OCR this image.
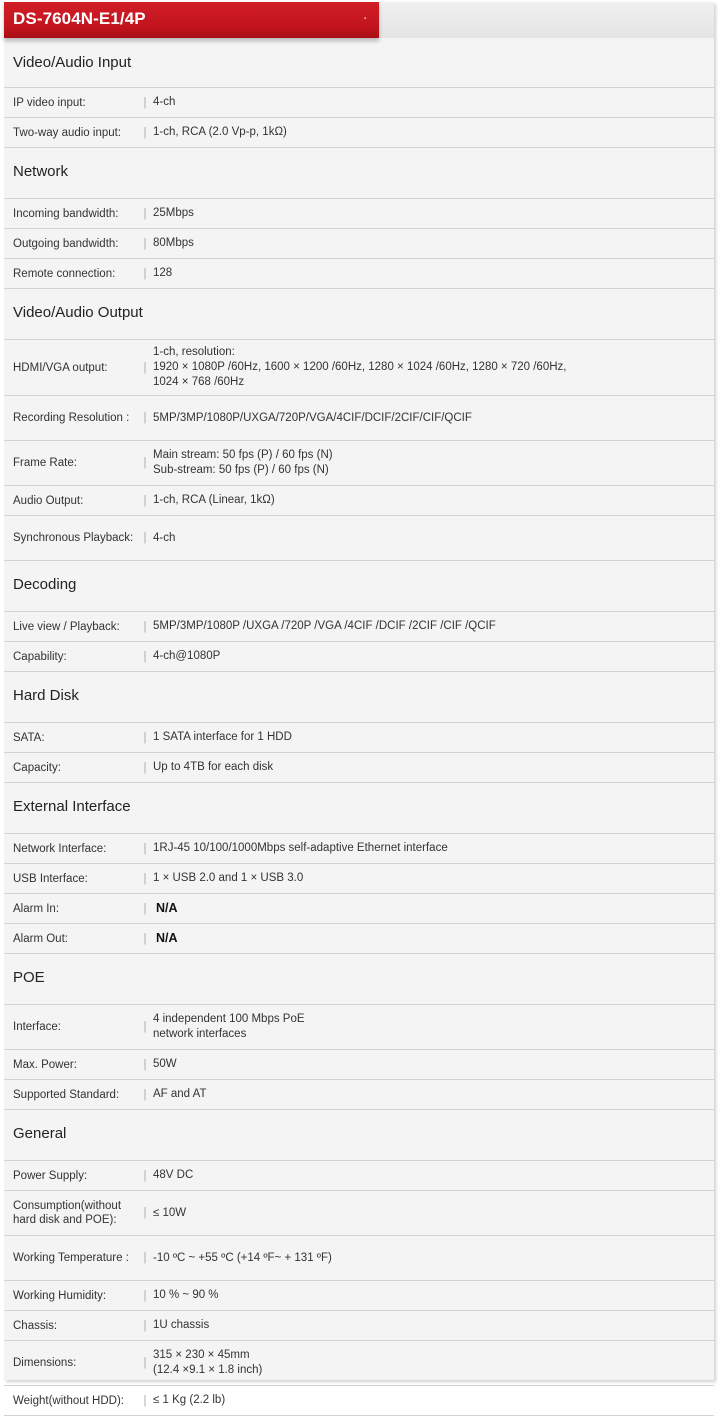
DS-7604N-E1/4P	▪
Video/Audio Input
IP video input:	| 4-ch
Two-way audio input:	| 1-ch, RCA (2.0 Vp-p, 1kΩ)
Network
Incoming bandwidth:	| 25Mbps
Outgoing bandwidth:	| 80Mbps
Remote connection:	| 128
Video/Audio Output
HDMI/VGA output:	|
1-ch, resolution:
1920 × 1080P /60Hz, 1600 × 1200 /60Hz, 1280 × 1024 /60Hz, 1280 × 720 /60Hz,
1024 × 768 /60Hz
Recording Resolution :	| 5MP/3MP/1080P/UXGA/720P/VGA/4CIF/DCIF/2CIF/CIF/QCIF
Frame Rate:	|
Main stream: 50 fps (P) / 60 fps (N)
Sub-stream: 50 fps (P) / 60 fps (N)
Audio Output:	| 1-ch, RCA (Linear, 1kΩ)
Synchronous Playback: | 4-ch
Decoding
Live view / Playback:	| 5MP/3MP/1080P /UXGA /720P /VGA /4CIF /DCIF /2CIF /CIF /QCIF
Capability:	| 4-ch@1080P
Hard Disk
SATA:	| 1 SATA interface for 1 HDD
Capacity:	| Up to 4TB for each disk
External Interface
Network Interface:	| 1RJ-45 10/100/1000Mbps self-adaptive Ethernet interface
USB Interface:	| 1 × USB 2.0 and 1 × USB 3.0
Alarm In:	| N/A
Alarm Out:	| N/A
POE
Interface:	|
4 independent 100 Mbps PoE
network interfaces
Max. Power:	| 50W
Supported Standard:	| AF and AT
General
Power Supply:	| 48V DC
Consumption(without hard disk and POE):
| ≤ 10W
Working Temperature :	| -10 ºC ~ +55 ºC (+14 ºF~ + 131 ºF)
Working Humidity:	| 10 % ~ 90 %
Chassis:	| 1U chassis
Dimensions:	|
315 × 230 × 45mm
(12.4 ×9.1 × 1.8 inch)
Weight(without HDD):	| ≤ 1 Kg (2.2 lb)
